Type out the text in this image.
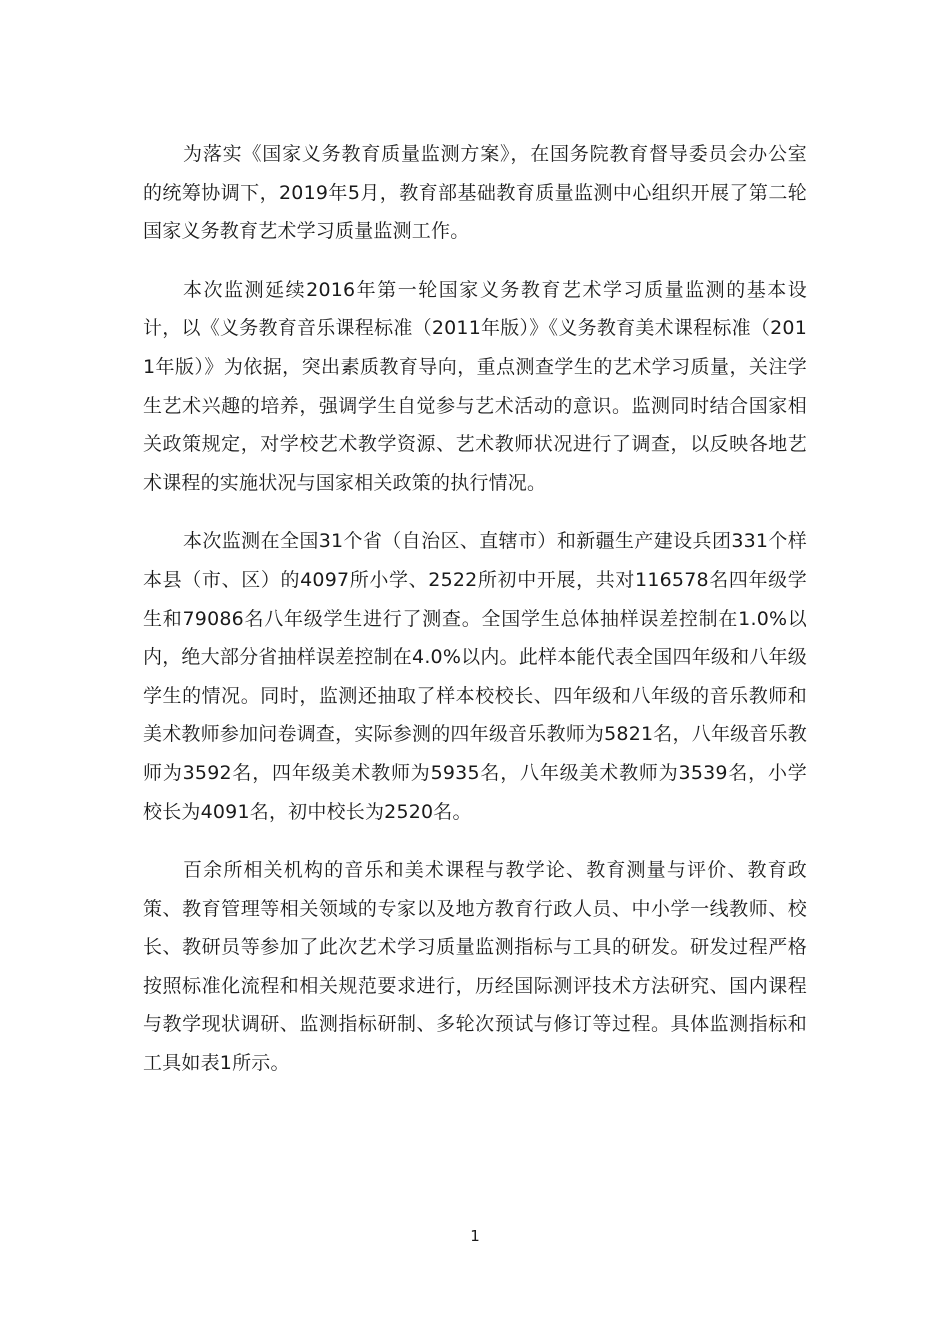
为落实《国家义务教育质量监测方案》，在国务院教育督导委员会办公室的统筹协调下，2019年5月，教育部基础教育质量监测中心组织开展了第二轮国家义务教育艺术学习质量监测工作。

本次监测延续2016年第一轮国家义务教育艺术学习质量监测的基本设计，以《义务教育音乐课程标准（2011年版）》《义务教育美术课程标准（2011年版）》为依据，突出素质教育导向，重点测查学生的艺术学习质量，关注学生艺术兴趣的培养，强调学生自觉参与艺术活动的意识。监测同时结合国家相关政策规定，对学校艺术教学资源、艺术教师状况进行了调查，以反映各地艺术课程的实施状况与国家相关政策的执行情况。

本次监测在全国31个省（自治区、直辖市）和新疆生产建设兵团331个样本县（市、区）的4097所小学、2522所初中开展，共对116578名四年级学生和79086名八年级学生进行了测查。全国学生总体抽样误差控制在1.0%以内，绝大部分省抽样误差控制在4.0%以内。此样本能代表全国四年级和八年级学生的情况。同时，监测还抽取了样本校校长、四年级和八年级的音乐教师和美术教师参加问卷调查，实际参测的四年级音乐教师为5821名，八年级音乐教师为3592名，四年级美术教师为5935名，八年级美术教师为3539名，小学校长为4091名，初中校长为2520名。

百余所相关机构的音乐和美术课程与教学论、教育测量与评价、教育政策、教育管理等相关领域的专家以及地方教育行政人员、中小学一线教师、校长、教研员等参加了此次艺术学习质量监测指标与工具的研发。研发过程严格按照标准化流程和相关规范要求进行，历经国际测评技术方法研究、国内课程与教学现状调研、监测指标研制、多轮次预试与修订等过程。具体监测指标和工具如表1所示。

1
